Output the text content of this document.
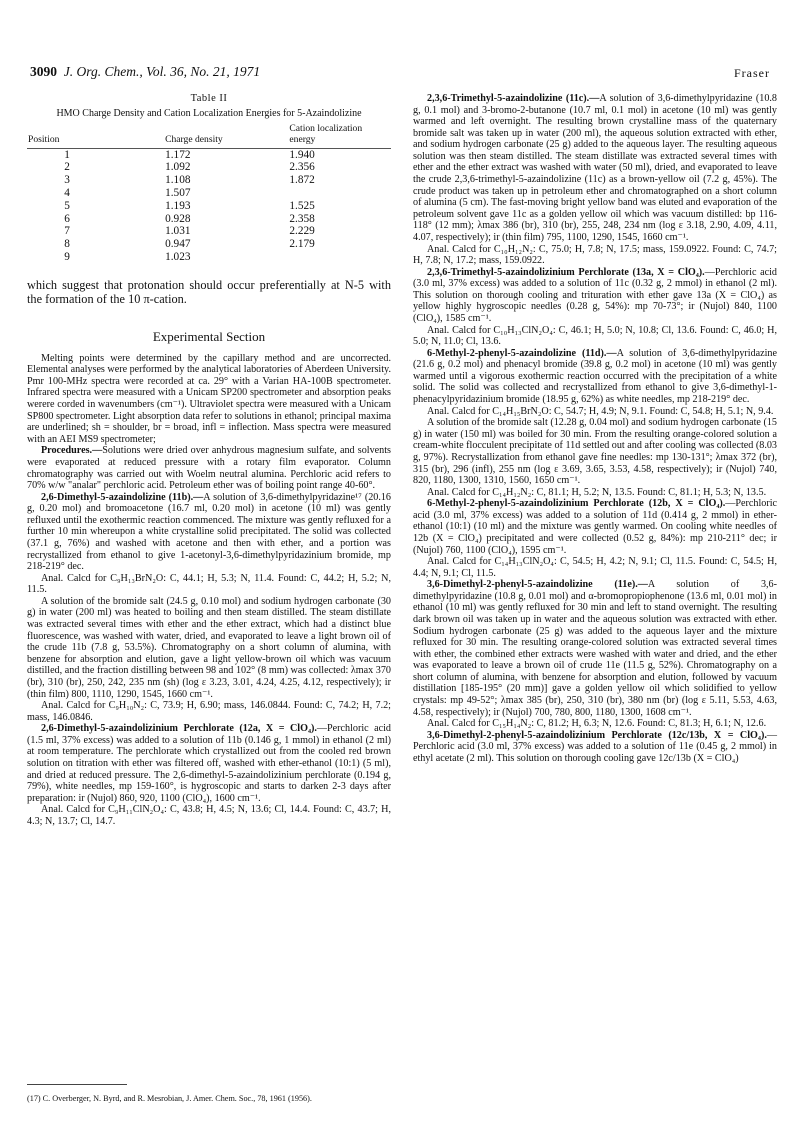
3090 J. Org. Chem., Vol. 36, No. 21, 1971	Fraser
Table II
HMO Charge Density and Cation Localization Energies for 5-Azaindolizine
Position	Charge density	Cation localization energy
1	1.172	1.940
2	1.092	2.356
3	1.108	1.872
4	1.507	
5	1.193	1.525
6	0.928	2.358
7	1.031	2.229
8	0.947	2.179
9	1.023	

which suggest that protonation should occur preferentially at N-5 with the formation of the 10 π-cation.

Experimental Section

Melting points were determined by the capillary method and are uncorrected. Elemental analyses were performed by the analytical laboratories of Aberdeen University. Pmr 100-MHz spectra were recorded at ca. 29° with a Varian HA-100B spectrometer. Infrared spectra were measured with a Unicam SP200 spectrometer and absorption peaks werere corded in wavenumbers (cm⁻¹). Ultraviolet spectra were measured with a Unicam SP800 spectrometer. Light absorption data refer to solutions in ethanol; principal maxima are underlined; sh = shoulder, br = broad, infl = inflection. Mass spectra were measured with an AEI MS9 spectrometer;

Procedures.—Solutions were dried over anhydrous magnesium sulfate, and solvents were evaporated at reduced pressure with a rotary film evaporator. Column chromatography was carried out with Woelm neutral alumina. Perchloric acid refers to 70% w/w "analar" perchloric acid. Petroleum ether was of boiling point range 40-60°.

2,6-Dimethyl-5-azaindolizine (11b).—A solution of 3,6-dimethylpyridazine¹⁷ (20.16 g, 0.20 mol) and bromoacetone (16.7 ml, 0.20 mol) in acetone (10 ml) was gently refluxed until the exothermic reaction commenced. The mixture was gently refluxed for a further 10 min whereupon a white crystalline solid precipitated. The solid was collected (37.1 g, 76%) and washed with acetone and then with ether, and a portion was recrystallized from ethanol to give 1-acetonyl-3,6-dimethylpyridazinium bromide, mp 218-219° dec.

Anal. Calcd for C₉H₁₃BrN₂O: C, 44.1; H, 5.3; N, 11.4. Found: C, 44.2; H, 5.2; N, 11.5.

A solution of the bromide salt (24.5 g, 0.10 mol) and sodium hydrogen carbonate (30 g) in water (200 ml) was heated to boiling and then steam distilled. The steam distillate was extracted several times with ether and the ether extract, which had a distinct blue fluorescence, was washed with water, dried, and evaporated to leave a light brown oil of the crude 11b (7.8 g, 53.5%). Chromatography on a short column of alumina, with benzene for absorption and elution, gave a light yellow-brown oil which was vacuum distilled, and the fraction distilling between 98 and 102° (8 mm) was collected: λmax 370 (br), 310 (br), 250, 242, 235 nm (sh) (log ε 3.23, 3.01, 4.24, 4.25, 4.12, respectively); ir (thin film) 800, 1110, 1290, 1545, 1660 cm⁻¹.

Anal. Calcd for C₉H₁₀N₂: C, 73.9; H, 6.90; mass, 146.0844. Found: C, 74.2; H, 7.2; mass, 146.0846.

2,6-Dimethyl-5-azaindolizinium Perchlorate (12a, X = ClO₄).—Perchloric acid (1.5 ml, 37% excess) was added to a solution of 11b (0.146 g, 1 mmol) in ethanol (2 ml) at room temperature. The perchlorate which crystallized out from the cooled red brown solution on titration with ether was filtered off, washed with ether-ethanol (10:1) (5 ml), and dried at reduced pressure. The 2,6-dimethyl-5-azaindolizinium perchlorate (0.194 g, 79%), white needles, mp 159-160°, is hygroscopic and starts to darken 2-3 days after preparation: ir (Nujol) 860, 920, 1100 (ClO₄), 1600 cm⁻¹.

Anal. Calcd for C₉H₁₁ClN₂O₄: C, 43.8; H, 4.5; N, 13.6; Cl, 14.4. Found: C, 43.7; H, 4.3; N, 13.7; Cl, 14.7.

(17) C. Overberger, N. Byrd, and R. Mesrobian, J. Amer. Chem. Soc., 78, 1961 (1956).

2,3,6-Trimethyl-5-azaindolizine (11c).—A solution of 3,6-dimethylpyridazine (10.8 g, 0.1 mol) and 3-bromo-2-butanone (10.7 ml, 0.1 mol) in acetone (10 ml) was gently warmed and left overnight. The resulting brown crystalline mass of the quaternary bromide salt was taken up in water (200 ml), the aqueous solution extracted with ether, and sodium hydrogen carbonate (25 g) added to the aqueous layer. The resulting aqueous solution was then steam distilled. The steam distillate was extracted several times with ether and the ether extract was washed with water (50 ml), dried, and evaporated to leave the crude 2,3,6-trimethyl-5-azaindolizine (11c) as a brown-yellow oil (7.2 g, 45%). The crude product was taken up in petroleum ether and chromatographed on a short column of alumina (5 cm). The fast-moving bright yellow band was eluted and evaporation of the petroleum solvent gave 11c as a golden yellow oil which was vacuum distilled: bp 116-118° (12 mm); λmax 386 (br), 310 (br), 255, 248, 234 nm (log ε 3.18, 2.90, 4.09, 4.11, 4.07, respectively); ir (thin film) 795, 1100, 1290, 1545, 1660 cm⁻¹.

Anal. Calcd for C₁₀H₁₂N₂: C, 75.0; H, 7.8; N, 17.5; mass, 159.0922. Found: C, 74.7; H, 7.8; N, 17.2; mass, 159.0922.

2,3,6-Trimethyl-5-azaindolizinium Perchlorate (13a, X = ClO₄).—Perchloric acid (3.0 ml, 37% excess) was added to a solution of 11c (0.32 g, 2 mmol) in ethanol (2 ml). This solution on thorough cooling and trituration with ether gave 13a (X = ClO₄) as yellow highly hygroscopic needles (0.28 g, 54%): mp 70-73°; ir (Nujol) 840, 1100 (ClO₄), 1585 cm⁻¹.

Anal. Calcd for C₁₀H₁₃ClN₂O₄: C, 46.1; H, 5.0; N, 10.8; Cl, 13.6. Found: C, 46.0; H, 5.0; N, 11.0; Cl, 13.6.

6-Methyl-2-phenyl-5-azaindolizine (11d).—A solution of 3,6-dimethylpyridazine (21.6 g, 0.2 mol) and phenacyl bromide (39.8 g, 0.2 mol) in acetone (10 ml) was gently warmed until a vigorous exothermic reaction occurred with the precipitation of a white solid. The solid was collected and recrystallized from ethanol to give 3,6-dimethyl-1-phenacylpyridazinium bromide (18.95 g, 62%) as white needles, mp 218-219° dec.

Anal. Calcd for C₁₄H₁₅BrN₂O: C, 54.7; H, 4.9; N, 9.1. Found: C, 54.8; H, 5.1; N, 9.4.

A solution of the bromide salt (12.28 g, 0.04 mol) and sodium hydrogen carbonate (15 g) in water (150 ml) was boiled for 30 min. From the resulting orange-colored solution a cream-white flocculent precipitate of 11d settled out and after cooling was collected (8.03 g, 97%). Recrystallization from ethanol gave fine needles: mp 130-131°; λmax 372 (br), 315 (br), 296 (infl), 255 nm (log ε 3.69, 3.65, 3.53, 4.58, respectively); ir (Nujol) 740, 820, 1180, 1300, 1310, 1560, 1650 cm⁻¹.

Anal. Calcd for C₁₄H₁₂N₂: C, 81.1; H, 5.2; N, 13.5. Found: C, 81.1; H, 5.3; N, 13.5.

6-Methyl-2-phenyl-5-azaindolizinium Perchlorate (12b, X = ClO₄).—Perchloric acid (3.0 ml, 37% excess) was added to a solution of 11d (0.414 g, 2 mmol) in ether-ethanol (10:1) (10 ml) and the mixture was gently warmed. On cooling white needles of 12b (X = ClO₄) precipitated and were collected (0.52 g, 84%): mp 210-211° dec; ir (Nujol) 760, 1100 (ClO₄), 1595 cm⁻¹.

Anal. Calcd for C₁₄H₁₃ClN₂O₄: C, 54.5; H, 4.2; N, 9.1; Cl, 11.5. Found: C, 54.5; H, 4.4; N, 9.1; Cl, 11.5.

3,6-Dimethyl-2-phenyl-5-azaindolizine (11e).—A solution of 3,6-dimethylpyridazine (10.8 g, 0.01 mol) and α-bromopropiophenone (13.6 ml, 0.01 mol) in ethanol (10 ml) was gently refluxed for 30 min and left to stand overnight. The resulting dark brown oil was taken up in water and the aqueous solution was extracted with ether. Sodium hydrogen carbonate (25 g) was added to the aqueous layer and the mixture refluxed for 30 min. The resulting orange-colored solution was extracted several times with ether, the combined ether extracts were washed with water and dried, and the ether was evaporated to leave a brown oil of crude 11e (11.5 g, 52%). Chromatography on a short column of alumina, with benzene for absorption and elution, followed by vacuum distillation [185-195° (20 mm)] gave a golden yellow oil which solidified to yellow crystals: mp 49-52°; λmax 385 (br), 250, 310 (br), 380 nm (br) (log ε 5.11, 5.53, 4.63, 4.58, respectively); ir (Nujol) 700, 780, 800, 1180, 1300, 1608 cm⁻¹.

Anal. Calcd for C₁₅H₁₄N₂: C, 81.2; H, 6.3; N, 12.6. Found: C, 81.3; H, 6.1; N, 12.6.

3,6-Dimethyl-2-phenyl-5-azaindolizinium Perchlorate (12c/13b, X = ClO₄).—Perchloric acid (3.0 ml, 37% excess) was added to a solution of 11e (0.45 g, 2 mmol) in ethyl acetate (2 ml). This solution on thorough cooling gave 12c/13b (X = ClO₄)
